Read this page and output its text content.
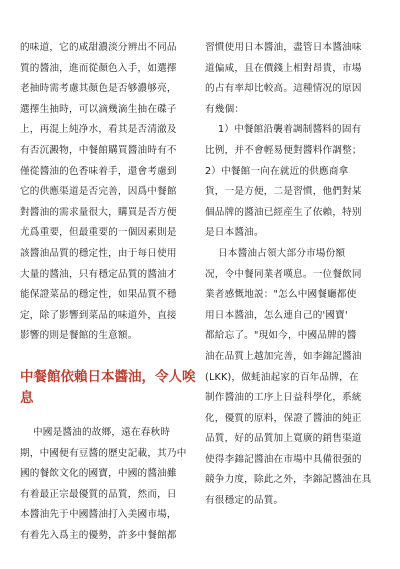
的味道，它的咸甜濃淡分辨出不同品
質的醬油，進而從顏色入手，如選擇
老抽時需考慮其顏色是否够濃够亮，
選擇生抽時，可以滴幾滴生抽在碟子
上，再混上純净水，看其是否清澈及
有否沉澱物，中餐館購買醬油時有不
僅從醬油的色香味着手，還會考慮到
它的供應渠道是否完善，因爲中餐館
對醬油的需求量很大，購買是否方便
尤爲重要，但最重要的一個因素則是
該醬油品質的穩定性，由于每日使用
大量的醬油，只有穩定品質的醬油才
能保證菜品的穩定性，如果品質不穩
定，除了影響到菜品的味道外，直接
影響的則是餐館的生意額。

中餐館依賴日本醬油，令人唉
息

中國是醬油的故鄉，遠在春秋時
期，中國便有豆醬的歷史記載，其乃中
國的餐飲文化的國寶，中國的醬油雖
有着最正宗最優質的品質，然而，日
本醬油先于中國醬油打入美國市場，
有着先入爲主的優勢，許多中餐館都

習慣使用日本醬油，盡管日本醬油味
道偏咸，且在價錢上相對昂貴，市場
的占有率却比較高。這種情况的原因
有幾個：

1）中餐館沿襲着調制醬料的固有
比例，并不會輕易便對醬料作調整；
2）中餐館一向在就近的供應商拿
貨，一是方便，二是習慣，他們對某
個品牌的醬油已經産生了依賴，特别
是日本醬油。

日本醬油占領大部分市場份額
况，令中餐同業者嘆息。一位餐飲同
業者感慨地説："怎么中國餐廳都使
用日本醬油，怎么連自己的'國寶'
都給忘了。"現如今，中國品牌的醬
油在品質上越加完善，如李錦記醬油
(LKK)，做蚝油起家的百年品牌，在
制作醬油的工序上日益科學化，系統
化，優質的原料，保證了醬油的純正
品質，好的品質加上寬廣的銷售渠道
使得李錦記醬油在市場中具備很强的
競争力度，除此之外，李錦記醬油在具
有很穩定的品質。
